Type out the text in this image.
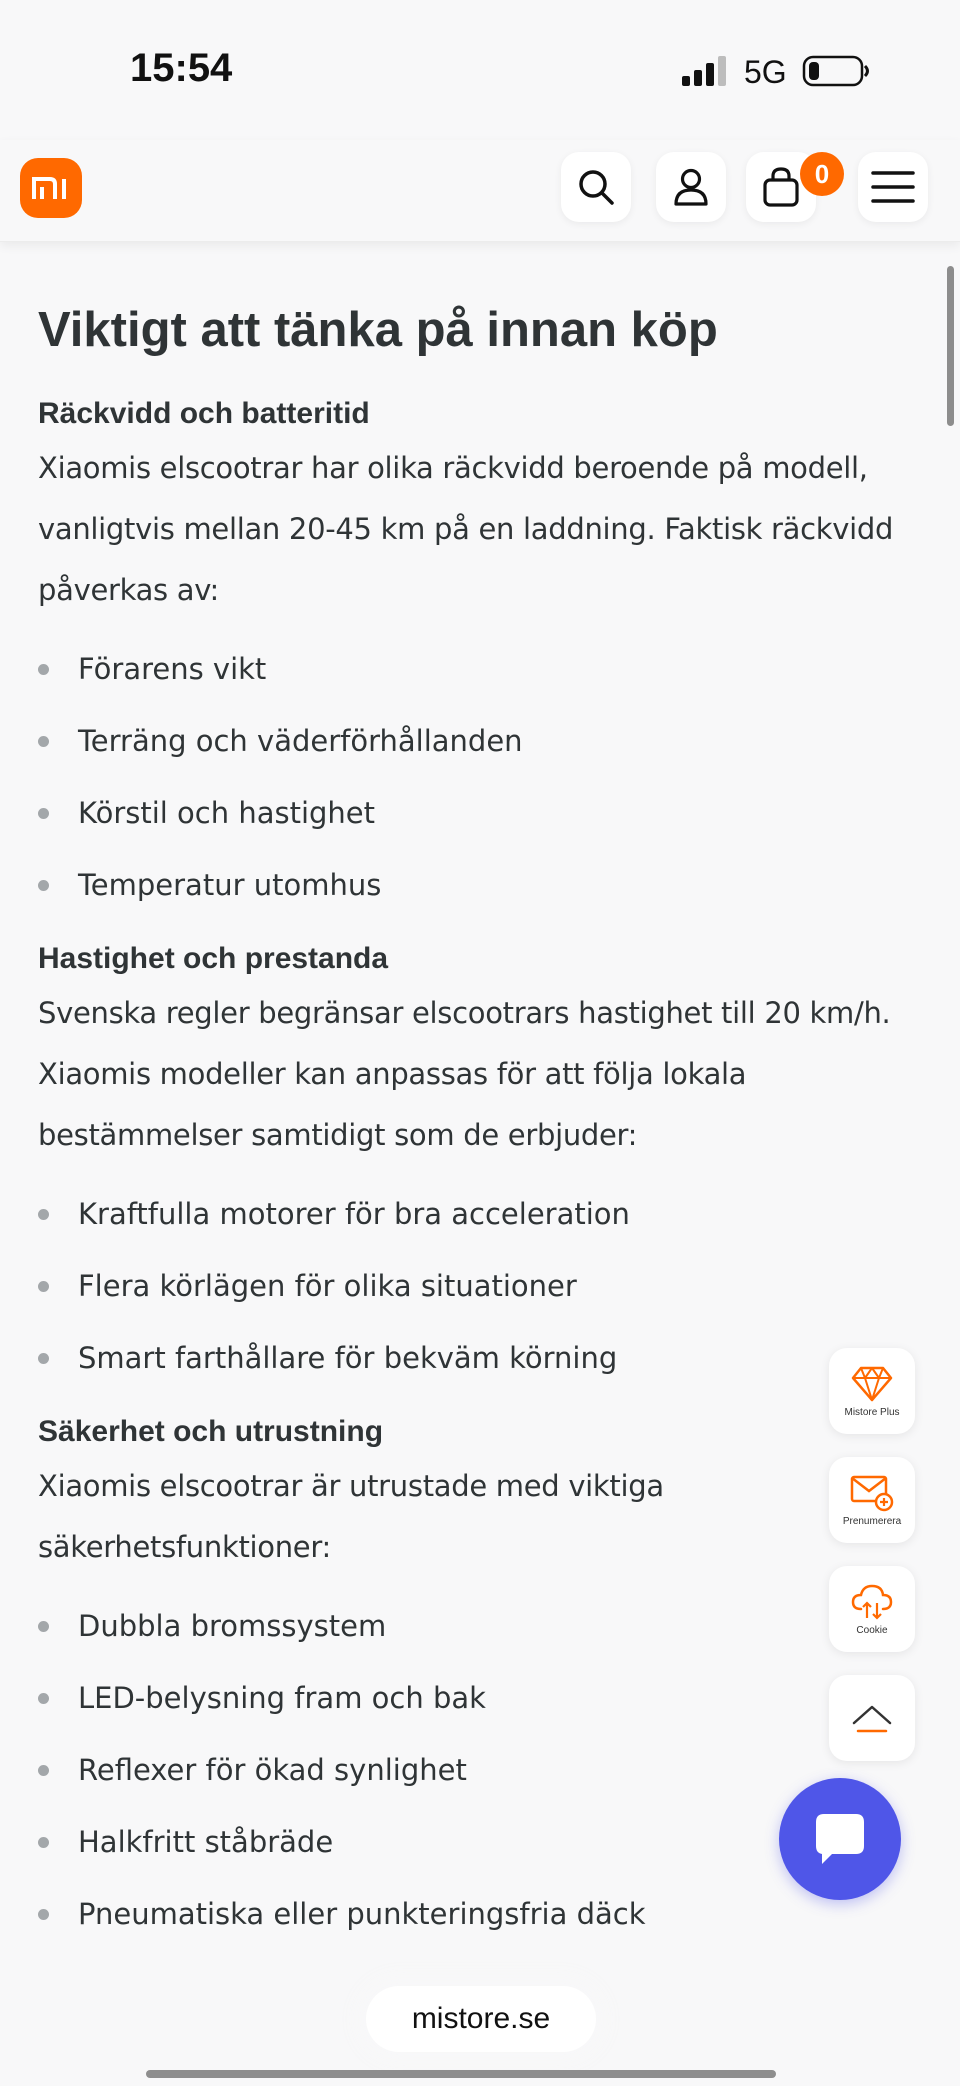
15:54	5G
0
Viktigt att tänka på innan köp
Räckvidd och batteritid

Xiaomis elscootrar har olika räckvidd beroende på modell, vanligtvis mellan 20-45 km på en laddning. Faktisk räckvidd påverkas av:

Förarens vikt
Terräng och väderförhållanden
Körstil och hastighet
Temperatur utomhus
Hastighet och prestanda

Svenska regler begränsar elscootrars hastighet till 20 km/h. Xiaomis modeller kan anpassas för att följa lokala bestämmelser samtidigt som de erbjuder:

Kraftfulla motorer för bra acceleration
Flera körlägen för olika situationer
Smart farthållare för bekväm körning
Säkerhet och utrustning

Xiaomis elscootrar är utrustade med viktiga säkerhetsfunktioner:

Dubbla bromssystem
LED-belysning fram och bak
Reflexer för ökad synlighet
Halkfritt ståbräde
Pneumatiska eller punkteringsfria däck
Mistore Plus
Prenumerera
Cookie
mistore.se
